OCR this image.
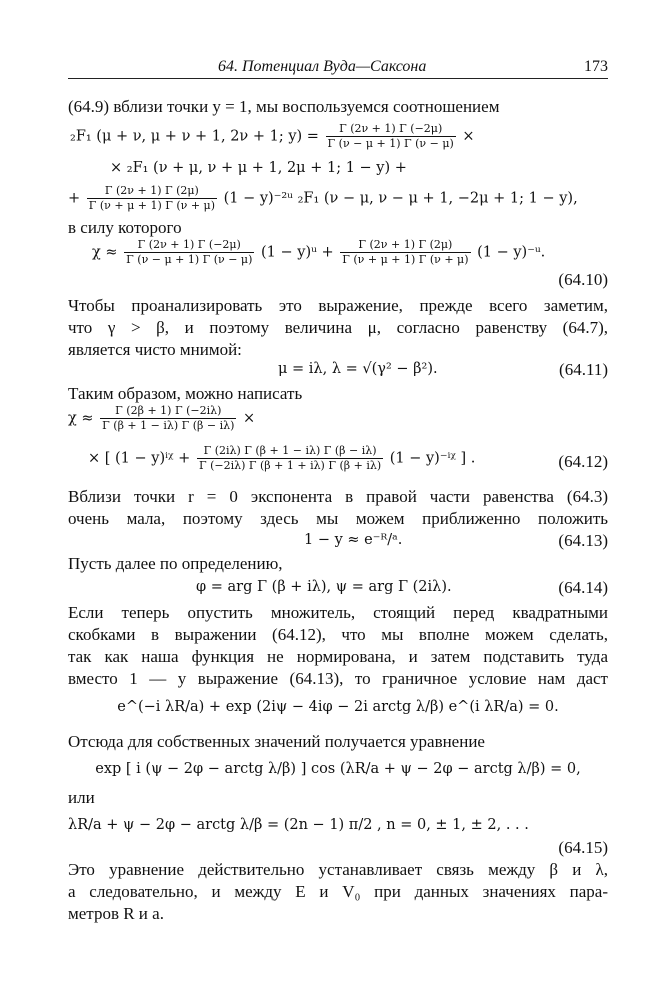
64. Потенциал Вуда—Саксона	173
(64.9) вблизи точки y = 1, мы воспользуемся соотношением
₂F₁ (μ + ν, μ + ν + 1, 2ν + 1; $y) = \frac{\Gamma (2\nu + 1) \Gamma (-2\mu)}{\Gamma (\nu - \mu + 1) \Gamma (\nu - \mu)}$ ×
× ₂F₁ (ν + μ, ν + μ + 1, 2μ + 1; 1 − y) +
+ $\frac{\Gamma (2\nu + 1) \Gamma (2\mu)}{\Gamma (\nu + \mu + 1) \Gamma (\nu + \mu)} (1$ − y)⁻²ᵘ ₂F₁ (ν − μ, ν − μ + 1, −2μ + 1; 1 − y),
в силу которого
$\chi \approx \frac{\Gamma (2\nu + 1) \Gamma (-2\mu)}{\Gamma (\nu - \mu + 1) \Gamma (\nu - \mu)} (1$ − y)ᵘ + $\frac{\Gamma (2\nu + 1) \Gamma (2\mu)}{\Gamma (\nu + \mu + 1) \Gamma (\nu + \mu)} (1$ − y)⁻ᵘ.
(64.10)
Чтобы проанализировать это выражение, прежде всего заметим,
что γ > β, и поэтому величина μ, согласно равенству (64.7),
является чисто мнимой:
μ = iλ, λ = √(γ² − β²).	(64.11)
Таким образом, можно написать
$\chi \approx \frac{\Gamma (2\beta + 1) \Gamma (-2i\lambda)}{\Gamma (\beta + 1 - i\lambda) \Gamma (\beta - i\lambda)}$ ×
× [ (1 − y)ⁱᵡ + $\frac{\Gamma (2i\lambda) \Gamma (\beta + 1 - i\lambda) \Gamma (\beta - i\lambda)}{\Gamma (-2i\lambda) \Gamma (\beta + 1 + i\lambda) \Gamma (\beta + i\lambda)} (1$ − y)⁻ⁱᵡ ] .	(64.12)
Вблизи точки r = 0 экспонента в правой части равенства (64.3)
очень мала, поэтому здесь мы можем приближенно положить
1 − y ≈ e⁻ᴿ/ᵃ.	(64.13)
Пусть далее по определению,
φ = arg Γ (β + iλ), ψ = arg Γ (2iλ).	(64.14)
Если теперь опустить множитель, стоящий перед квадратными
скобками в выражении (64.12), что мы вполне можем сделать,
так как наша функция не нормирована, и затем подставить туда
вместо 1 — y выражение (64.13), то граничное условие нам даст
e^(−i λR/a) + exp (2iψ − 4iφ − 2i arctg λ/β) e^(i λR/a) = 0.
Отсюда для собственных значений получается уравнение
exp [ i (ψ − 2φ − arctg λ/β) ] cos (λR/a + ψ − 2φ − arctg λ/β) = 0,
или
λR/a + ψ − 2φ − arctg λ/β = (2n − 1) π/2 , n = 0, ± 1, ± 2, . . .
(64.15)
Это уравнение действительно устанавливает связь между β и λ,
а следовательно, и между E и V₀ при данных значениях пара-
метров R и a.
